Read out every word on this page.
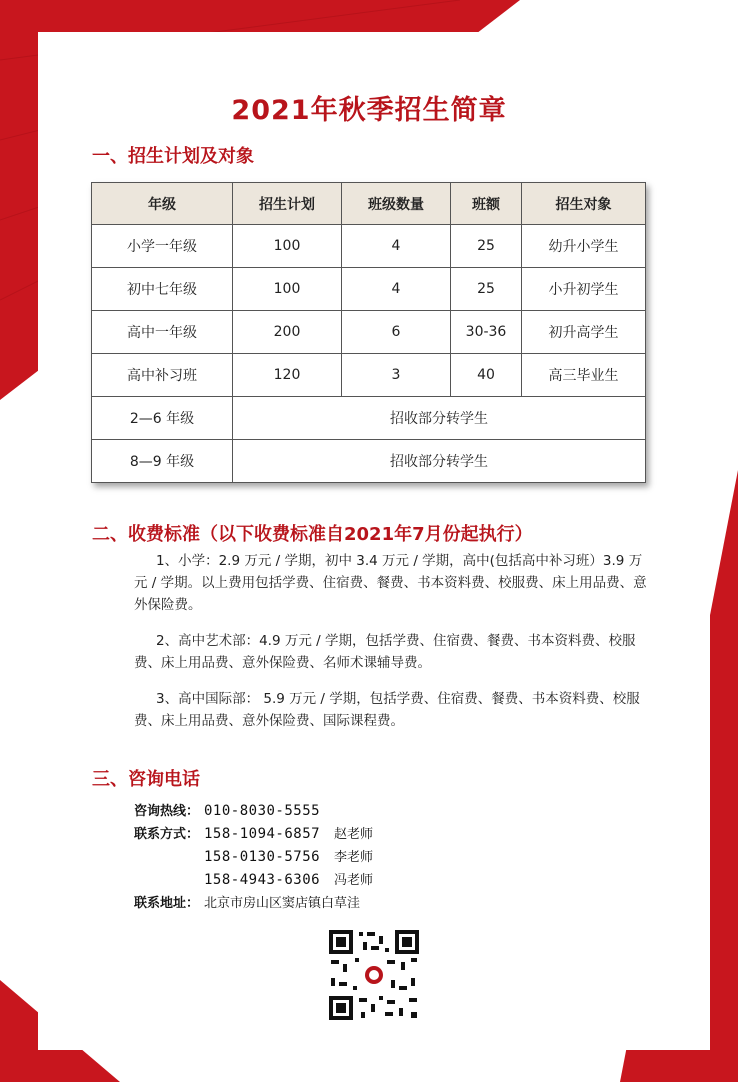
2021年秋季招生简章
一、招生计划及对象
年级	招生计划	班级数量	班额	招生对象
小学一年级	100	4	25	幼升小学生
初中七年级	100	4	25	小升初学生
高中一年级	200	6	30-36	初升高学生
高中补习班	120	3	40	高三毕业生
2—6 年级	招收部分转学生			
8—9 年级	招收部分转学生			
二、收费标准（以下收费标准自2021年7月份起执行）
1、小学：2.9 万元 / 学期，初中 3.4 万元 / 学期，高中(包括高中补习班）3.9 万元 / 学期。以上费用包括学费、住宿费、餐费、书本资料费、校服费、床上用品费、意外保险费。
2、高中艺术部：4.9 万元 / 学期，包括学费、住宿费、餐费、书本资料费、校服费、床上用品费、意外保险费、名师术课辅导费。
3、高中国际部： 5.9 万元 / 学期，包括学费、住宿费、餐费、书本资料费、校服费、床上用品费、意外保险费、国际课程费。
三、咨询电话
咨询热线： 010-8030-5555
联系方式： 158-1094-6857 赵老师
158-0130-5756 李老师
158-4943-6306 冯老师
联系地址： 北京市房山区窦店镇白草洼
